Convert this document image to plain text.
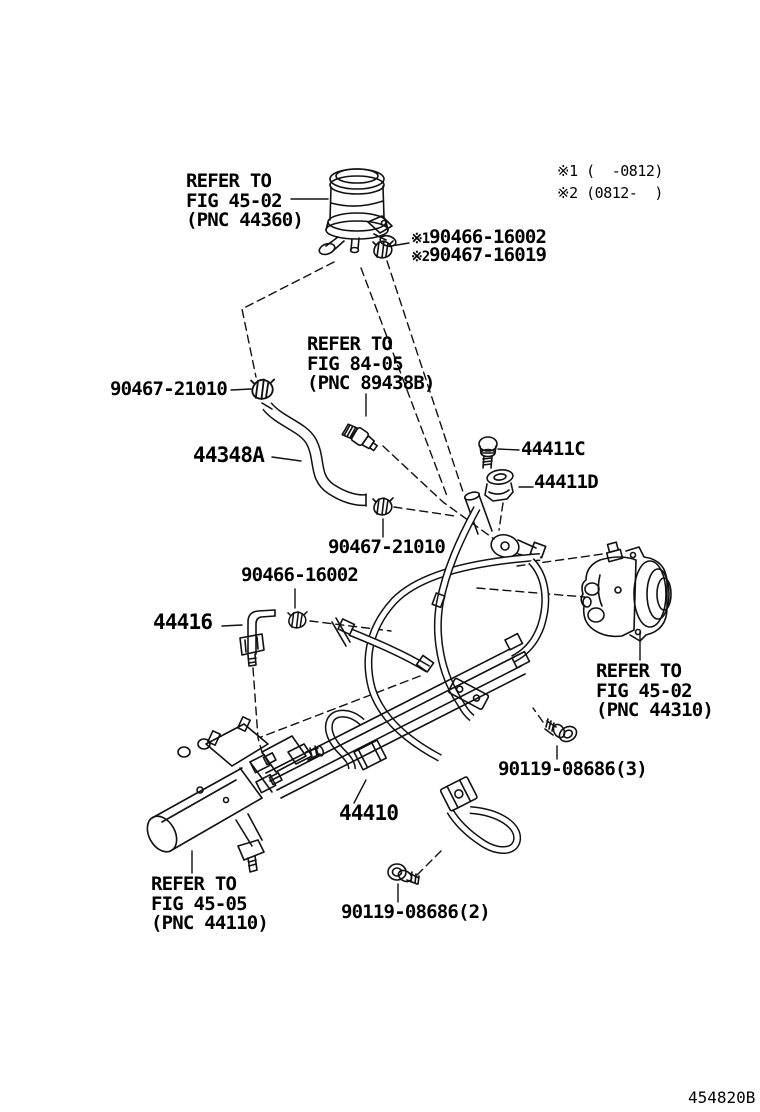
※1 (  -0812)
※2 (0812-  )
REFER TO
FIG 45-02
(PNC 44360)
※190466-16002
※290467-16019
REFER TO
FIG 84-05
(PNC 89438B)
90467-21010
44348A	44411C
44411D
90467-21010
90466-16002
44416
REFER TO
FIG 45-02
(PNC 44310)
90119-08686(3)
44410
90119-08686(2)
REFER TO
FIG 45-05
(PNC 44110)
454820B
